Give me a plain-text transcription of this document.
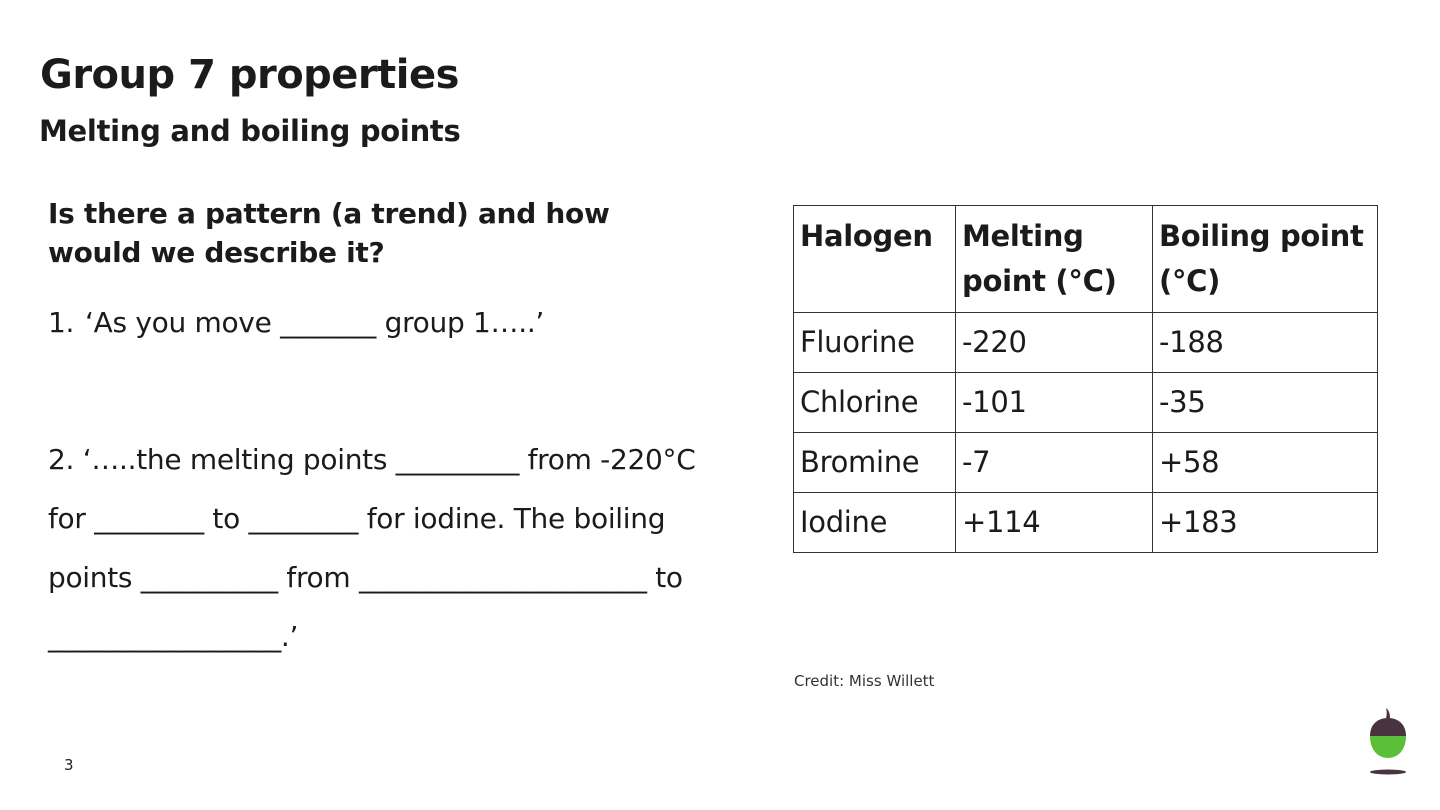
Group 7 properties
Melting and boiling points

Is there a pattern (a trend) and how would we describe it?

1. ‘As you move _______ group 1…..’
2. ‘…..the melting points _________ from -220°C for ________ to ________ for iodine. The boiling points __________ from _____________________ to _________________.’
Halogen	Melting point (°C)	Boiling point (°C)
Fluorine	-220	-188
Chlorine	-101	-35
Bromine	-7	+58
Iodine	+114	+183
Credit: Miss Willett
3
